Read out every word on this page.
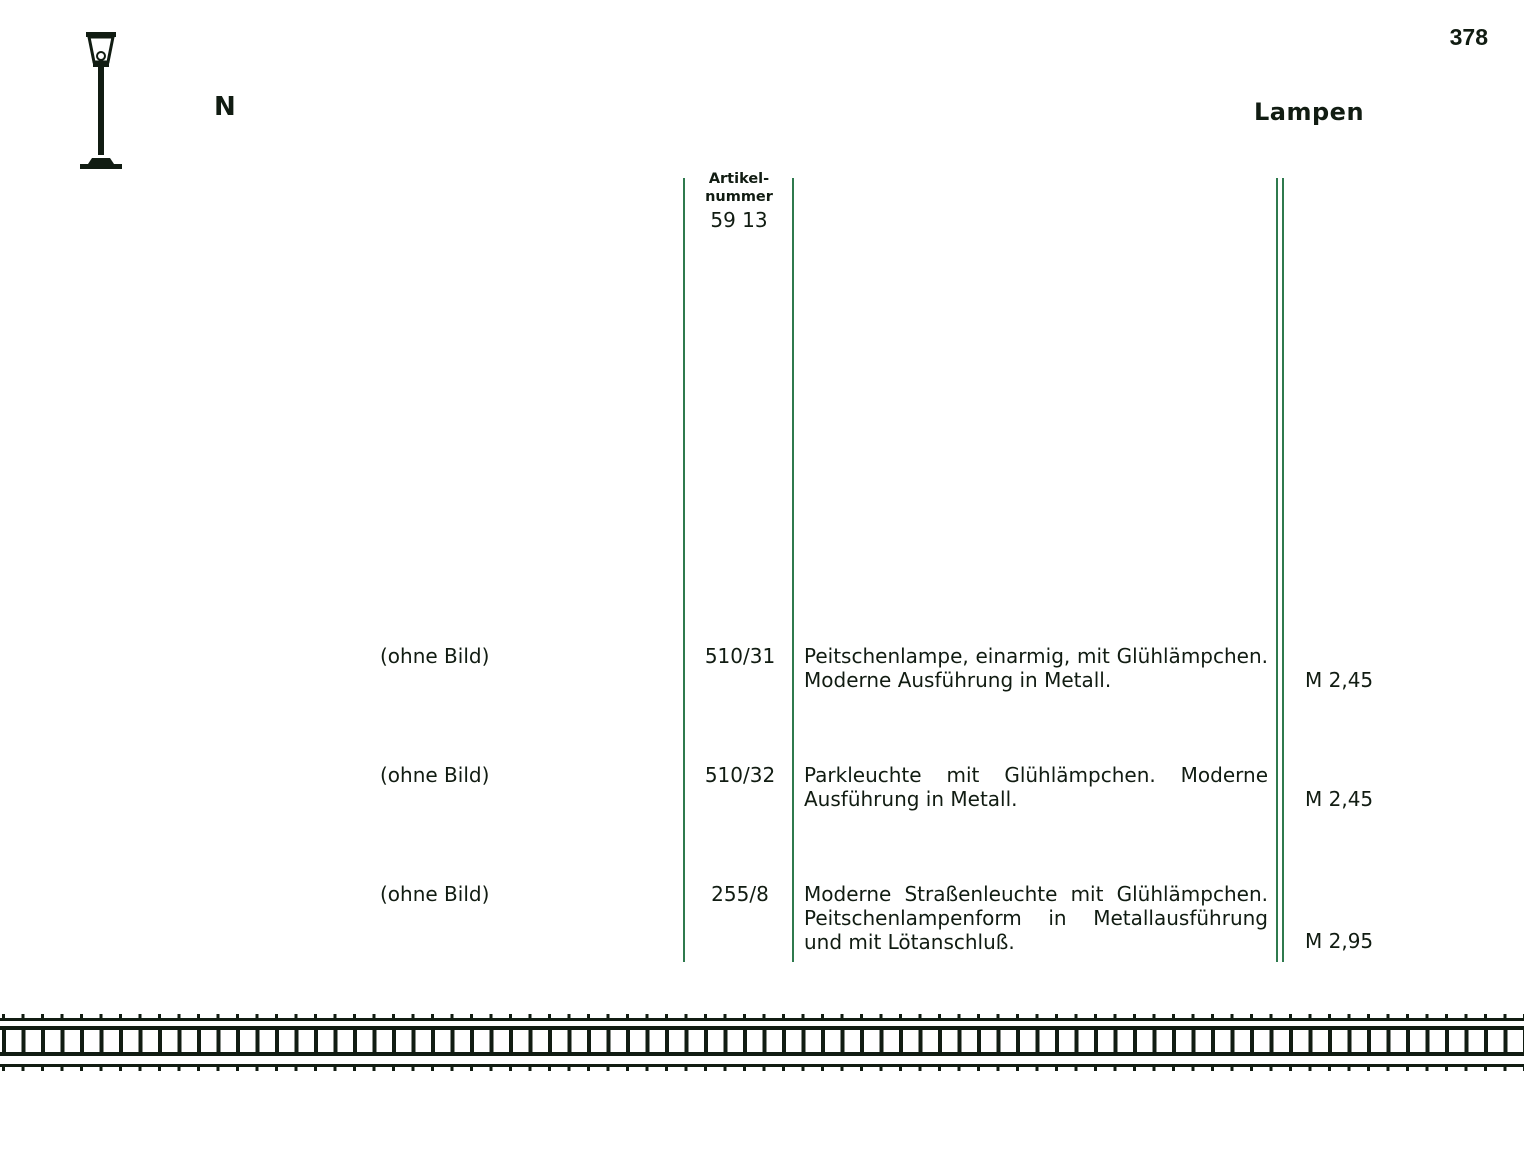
378
N	Lampen
Artikel-
nummer
59 13
(ohne Bild)	510/31	Peitschenlampe, einarmig, mit Glühlämpchen. Moderne Ausführung in Metall.	M 2,45
(ohne Bild)	510/32	Parkleuchte mit Glühlämpchen. Moderne Ausführung in Metall.	M 2,45
(ohne Bild)	255/8	Moderne Straßenleuchte mit Glühlämpchen. Peitschenlampenform in Metallausführung und mit Lötanschluß.	M 2,95
